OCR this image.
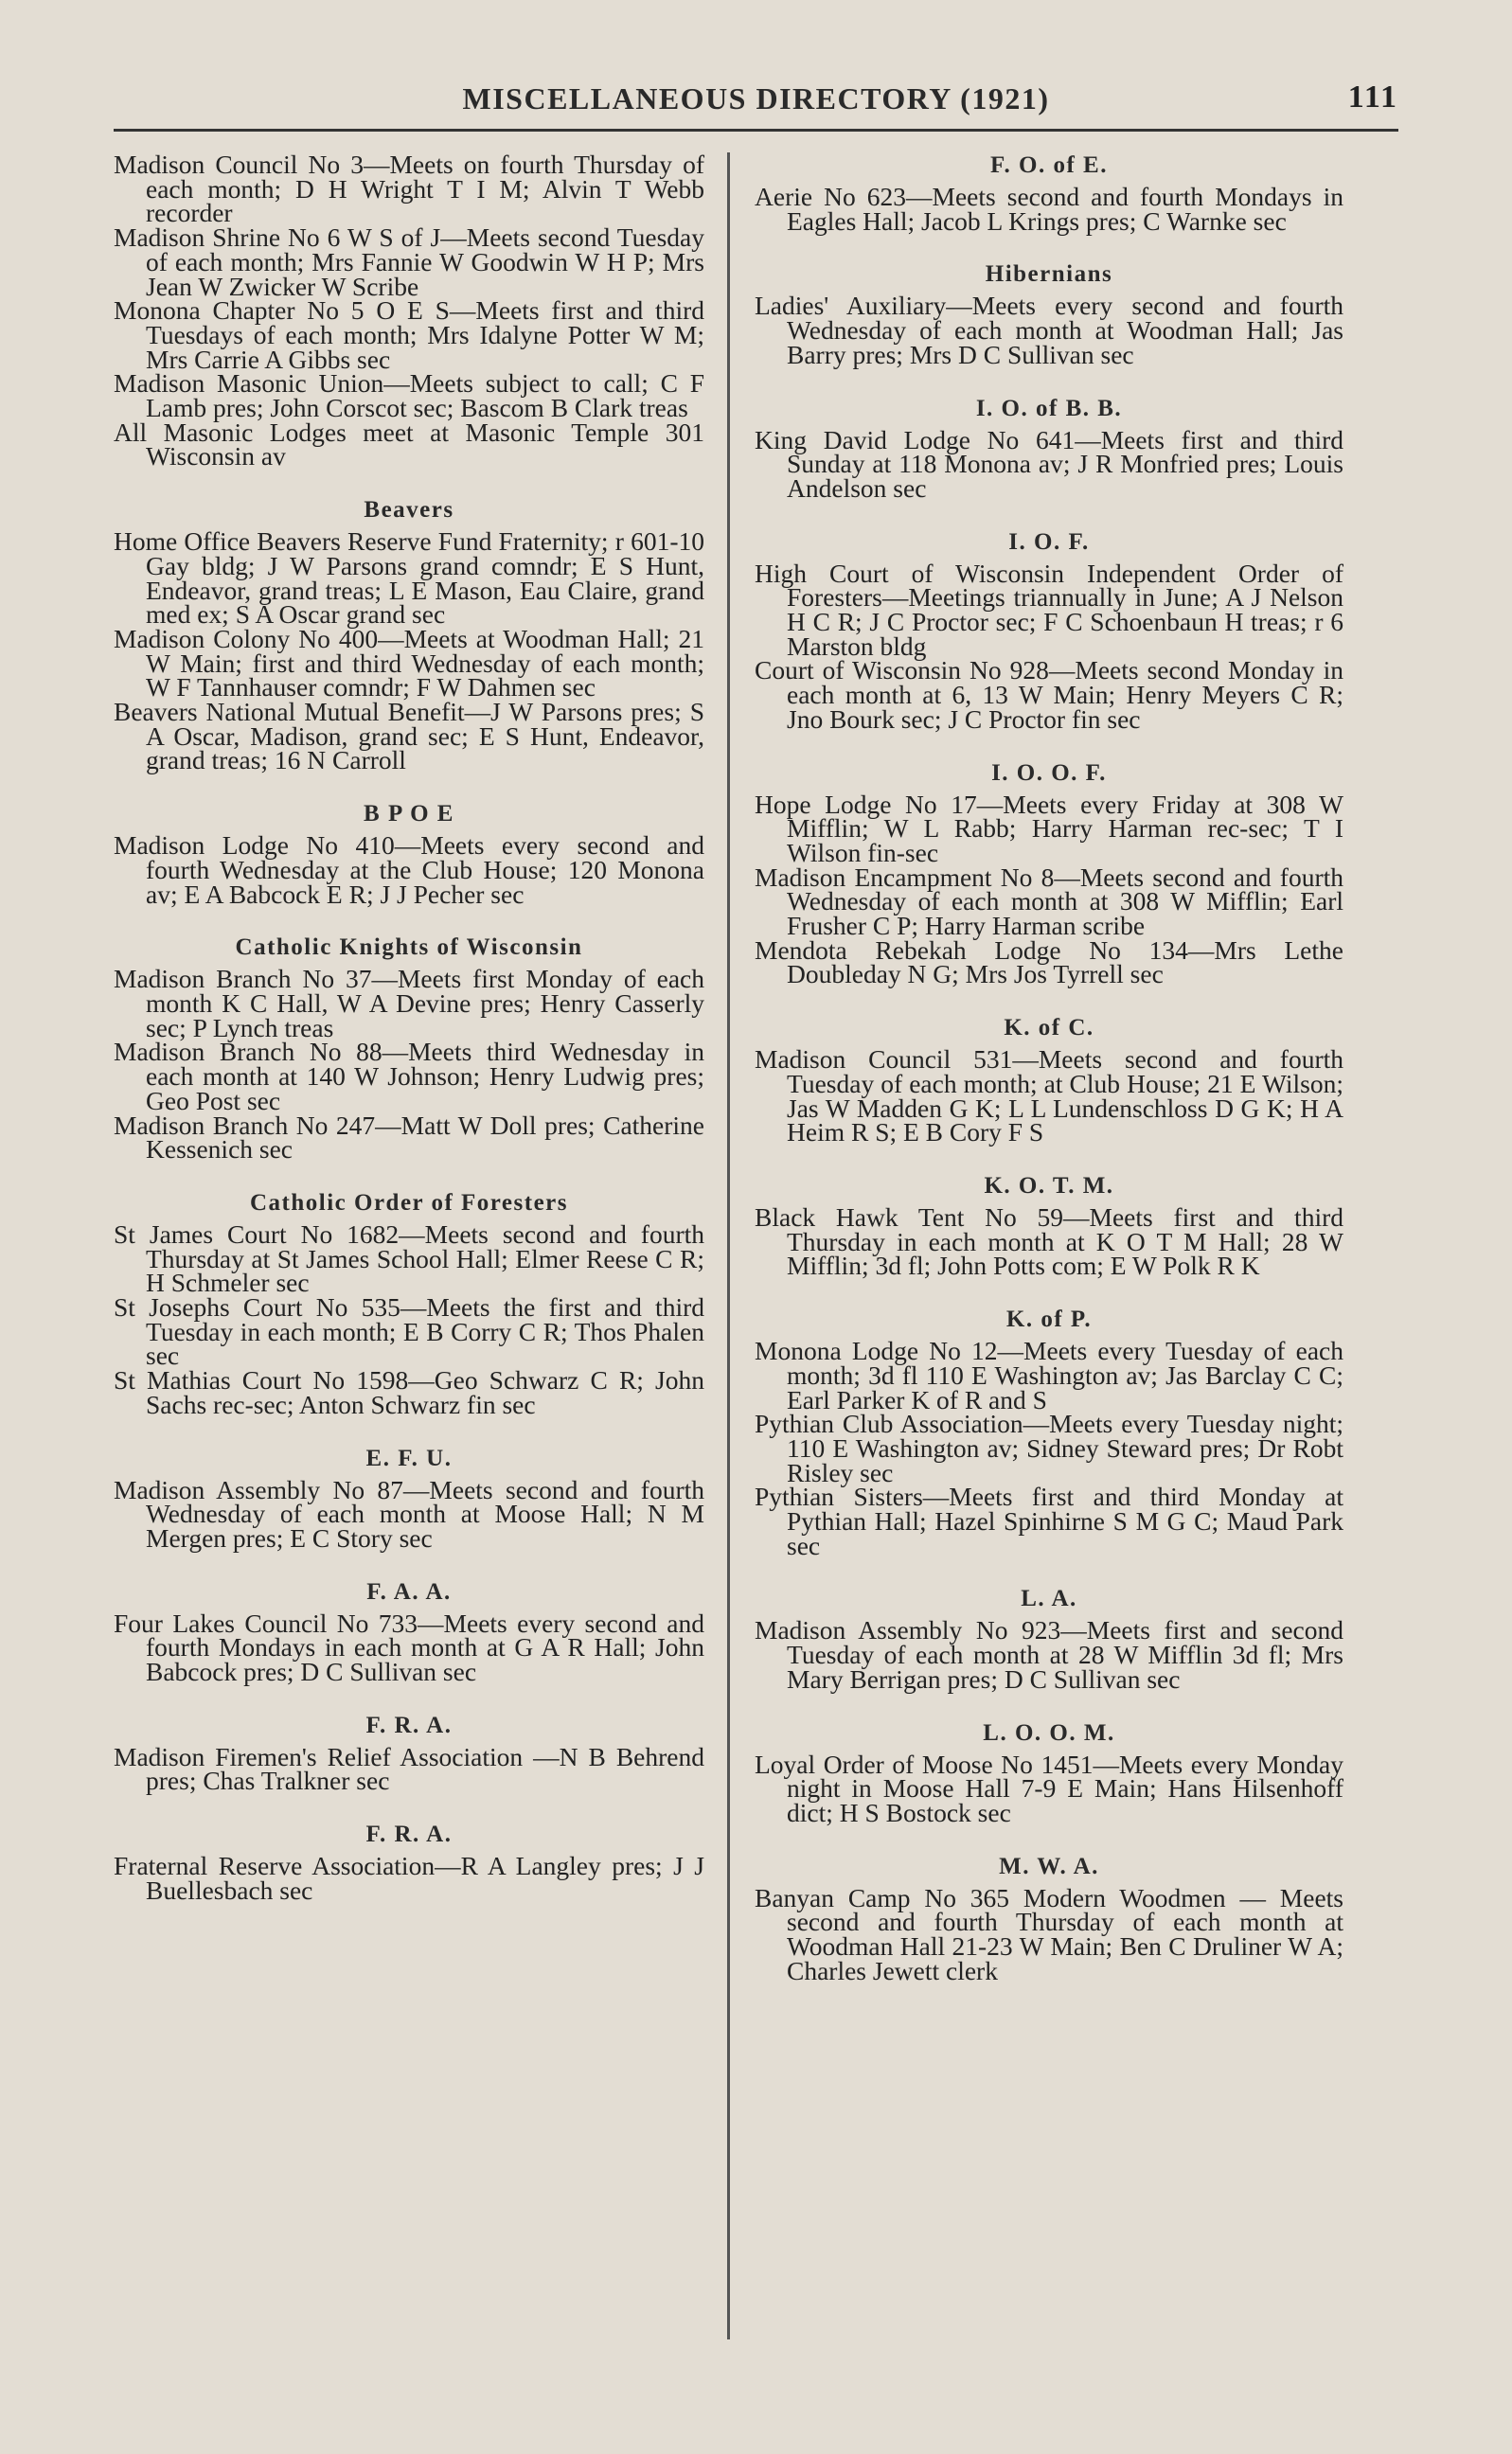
MISCELLANEOUS DIRECTORY (1921)	111

Madison Council No 3—Meets on fourth Thursday of each month; D H Wright T I M; Alvin T Webb recorder

Madison Shrine No 6 W S of J—Meets second Tuesday of each month; Mrs Fannie W Goodwin W H P; Mrs Jean W Zwicker W Scribe

Monona Chapter No 5 O E S—Meets first and third Tuesdays of each month; Mrs Idalyne Potter W M; Mrs Carrie A Gibbs sec

Madison Masonic Union—Meets subject to call; C F Lamb pres; John Corscot sec; Bascom B Clark treas

All Masonic Lodges meet at Masonic Temple 301 Wisconsin av

Beavers

Home Office Beavers Reserve Fund Fraternity; r 601-10 Gay bldg; J W Parsons grand comndr; E S Hunt, Endeavor, grand treas; L E Mason, Eau Claire, grand med ex; S A Oscar grand sec

Madison Colony No 400—Meets at Woodman Hall; 21 W Main; first and third Wednesday of each month; W F Tannhauser comndr; F W Dahmen sec

Beavers National Mutual Benefit—J W Parsons pres; S A Oscar, Madison, grand sec; E S Hunt, Endeavor, grand treas; 16 N Carroll

B P O E

Madison Lodge No 410—Meets every second and fourth Wednesday at the Club House; 120 Monona av; E A Babcock E R; J J Pecher sec

Catholic Knights of Wisconsin

Madison Branch No 37—Meets first Monday of each month K C Hall, W A Devine pres; Henry Casserly sec; P Lynch treas

Madison Branch No 88—Meets third Wednesday in each month at 140 W Johnson; Henry Ludwig pres; Geo Post sec

Madison Branch No 247—Matt W Doll pres; Catherine Kessenich sec

Catholic Order of Foresters

St James Court No 1682—Meets second and fourth Thursday at St James School Hall; Elmer Reese C R; H Schmeler sec

St Josephs Court No 535—Meets the first and third Tuesday in each month; E B Corry C R; Thos Phalen sec

St Mathias Court No 1598—Geo Schwarz C R; John Sachs rec-sec; Anton Schwarz fin sec

E. F. U.

Madison Assembly No 87—Meets second and fourth Wednesday of each month at Moose Hall; N M Mergen pres; E C Story sec

F. A. A.

Four Lakes Council No 733—Meets every second and fourth Mondays in each month at G A R Hall; John Babcock pres; D C Sullivan sec

F. R. A.

Madison Firemen's Relief Association —N B Behrend pres; Chas Tralkner sec

F. R. A.

Fraternal Reserve Association—R A Langley pres; J J Buellesbach sec

F. O. of E.

Aerie No 623—Meets second and fourth Mondays in Eagles Hall; Jacob L Krings pres; C Warnke sec

Hibernians

Ladies' Auxiliary—Meets every second and fourth Wednesday of each month at Woodman Hall; Jas Barry pres; Mrs D C Sullivan sec

I. O. of B. B.

King David Lodge No 641—Meets first and third Sunday at 118 Monona av; J R Monfried pres; Louis Andelson sec

I. O. F.

High Court of Wisconsin Independent Order of Foresters—Meetings triannually in June; A J Nelson H C R; J C Proctor sec; F C Schoenbaun H treas; r 6 Marston bldg

Court of Wisconsin No 928—Meets second Monday in each month at 6, 13 W Main; Henry Meyers C R; Jno Bourk sec; J C Proctor fin sec

I. O. O. F.

Hope Lodge No 17—Meets every Friday at 308 W Mifflin; W L Rabb; Harry Harman rec-sec; T I Wilson fin-sec

Madison Encampment No 8—Meets second and fourth Wednesday of each month at 308 W Mifflin; Earl Frusher C P; Harry Harman scribe

Mendota Rebekah Lodge No 134—Mrs Lethe Doubleday N G; Mrs Jos Tyrrell sec

K. of C.

Madison Council 531—Meets second and fourth Tuesday of each month; at Club House; 21 E Wilson; Jas W Madden G K; L L Lundenschloss D G K; H A Heim R S; E B Cory F S

K. O. T. M.

Black Hawk Tent No 59—Meets first and third Thursday in each month at K O T M Hall; 28 W Mifflin; 3d fl; John Potts com; E W Polk R K

K. of P.

Monona Lodge No 12—Meets every Tuesday of each month; 3d fl 110 E Washington av; Jas Barclay C C; Earl Parker K of R and S

Pythian Club Association—Meets every Tuesday night; 110 E Washington av; Sidney Steward pres; Dr Robt Risley sec

Pythian Sisters—Meets first and third Monday at Pythian Hall; Hazel Spinhirne S M G C; Maud Park sec

L. A.

Madison Assembly No 923—Meets first and second Tuesday of each month at 28 W Mifflin 3d fl; Mrs Mary Berrigan pres; D C Sullivan sec

L. O. O. M.

Loyal Order of Moose No 1451—Meets every Monday night in Moose Hall 7-9 E Main; Hans Hilsenhoff dict; H S Bostock sec

M. W. A.

Banyan Camp No 365 Modern Woodmen — Meets second and fourth Thursday of each month at Woodman Hall 21-23 W Main; Ben C Druliner W A; Charles Jewett clerk
